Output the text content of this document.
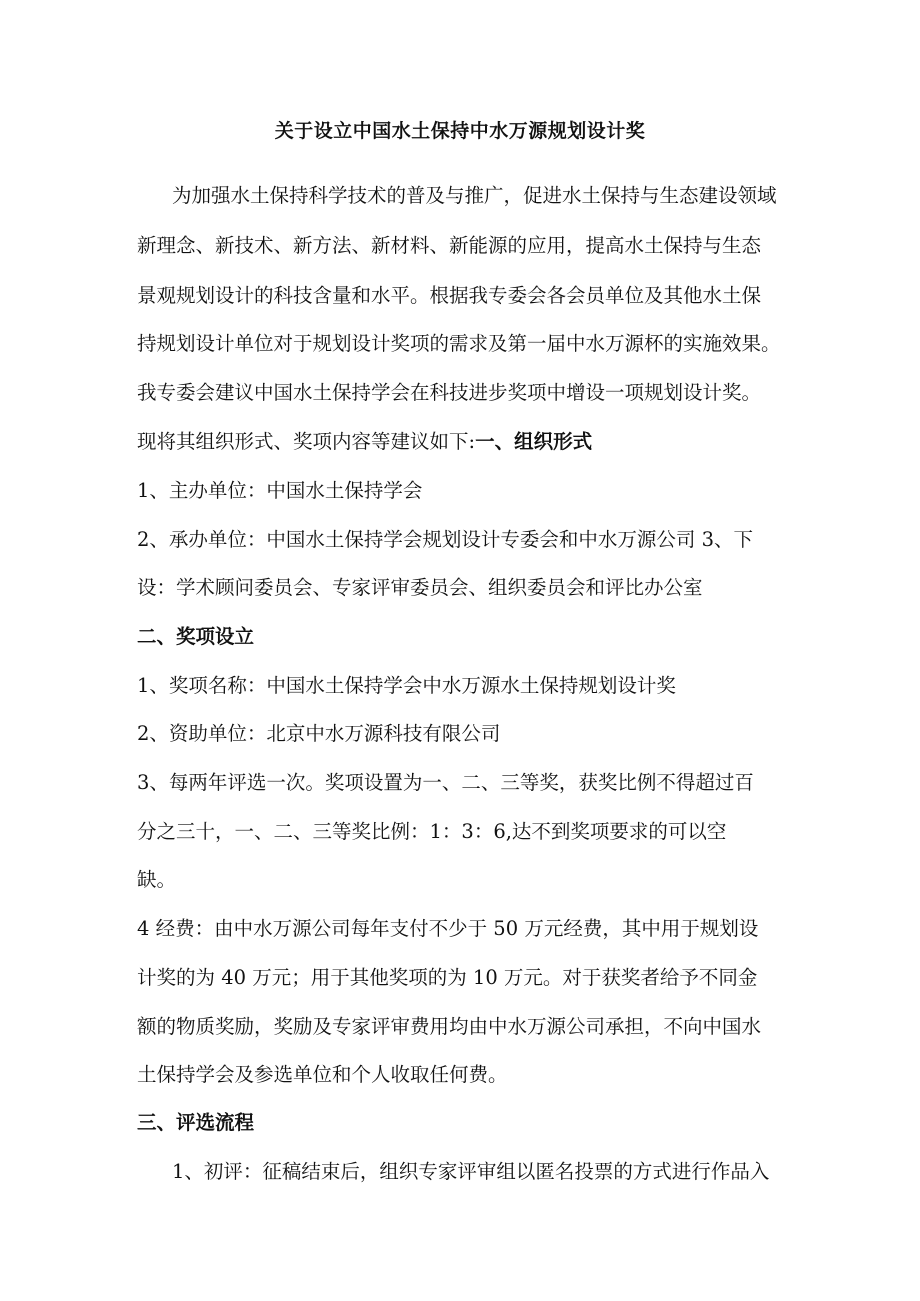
关于设立中国水土保持中水万源规划设计奖
为加强水土保持科学技术的普及与推广，促进水土保持与生态建设领域
新理念、新技术、新方法、新材料、新能源的应用，提高水土保持与生态
景观规划设计的科技含量和水平。根据我专委会各会员单位及其他水土保
持规划设计单位对于规划设计奖项的需求及第一届中水万源杯的实施效果。
我专委会建议中国水土保持学会在科技进步奖项中增设一项规划设计奖。
现将其组织形式、奖项内容等建议如下:一、组织形式
1、主办单位：中国水土保持学会
2、承办单位：中国水土保持学会规划设计专委会和中水万源公司 3、下
设：学术顾问委员会、专家评审委员会、组织委员会和评比办公室
二、奖项设立
1、奖项名称：中国水土保持学会中水万源水土保持规划设计奖
2、资助单位：北京中水万源科技有限公司
3、每两年评选一次。奖项设置为一、二、三等奖，获奖比例不得超过百
分之三十，一、二、三等奖比例：1：3：6,达不到奖项要求的可以空
缺。
4 经费：由中水万源公司每年支付不少于 50 万元经费，其中用于规划设
计奖的为 40 万元；用于其他奖项的为 10 万元。对于获奖者给予不同金
额的物质奖励，奖励及专家评审费用均由中水万源公司承担，不向中国水
土保持学会及参选单位和个人收取任何费。
三、评选流程
1、初评：征稿结束后，组织专家评审组以匿名投票的方式进行作品入
